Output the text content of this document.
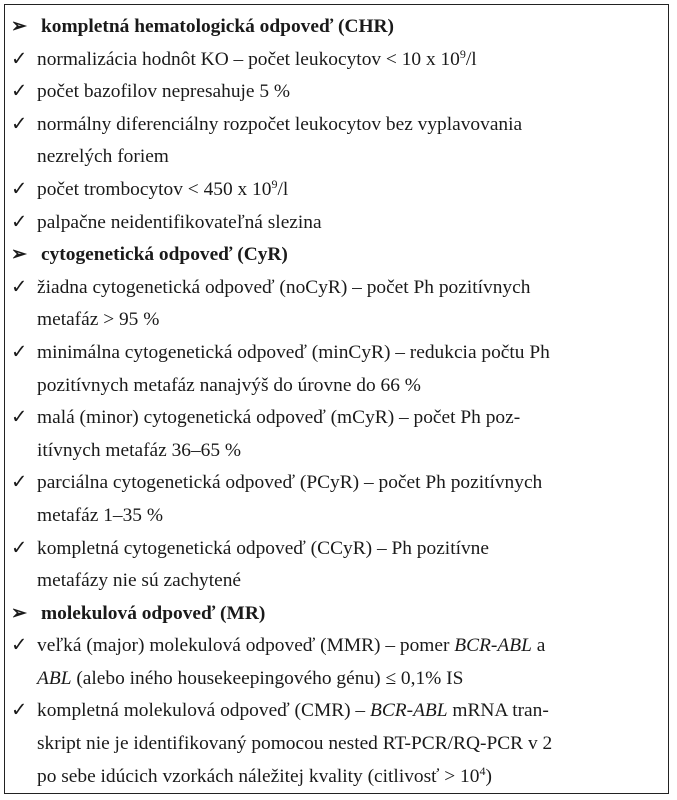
➢ kompletná hematologická odpoveď (CHR)
✓ normalizácia hodnôt KO – počet leukocytov < 10 x $10^9/l$
✓ počet bazofilov nepresahuje 5 %
✓ normálny diferenciálny rozpočet leukocytov bez vyplavovania
nezrelých foriem
✓ počet trombocytov < 450 x $10^9/l$
✓ palpačne neidentifikovateľná slezina
➢ cytogenetická odpoveď (CyR)
✓ žiadna cytogenetická odpoveď (noCyR) – počet Ph pozitívnych
metafáz > 95 %
✓ minimálna cytogenetická odpoveď (minCyR) – redukcia počtu Ph
pozitívnych metafáz nanajvýš do úrovne do 66 %
✓ malá (minor) cytogenetická odpoveď (mCyR) – počet Ph poz-
itívnych metafáz 36–65 %
✓ parciálna cytogenetická odpoveď (PCyR) – počet Ph pozitívnych
metafáz 1–35 %
✓ kompletná cytogenetická odpoveď (CCyR) – Ph pozitívne
metafázy nie sú zachytené
➢ molekulová odpoveď (MR)
✓ veľká (major) molekulová odpoveď (MMR) – pomer BCR-ABL a
ABL (alebo iného housekeepingového génu) ≤ 0,1% IS
✓ kompletná molekulová odpoveď (CMR) – BCR-ABL mRNA tran-
skript nie je identifikovaný pomocou nested RT-PCR/RQ-PCR v 2
po sebe idúcich vzorkách náležitej kvality (citlivosť > $10^4$)
